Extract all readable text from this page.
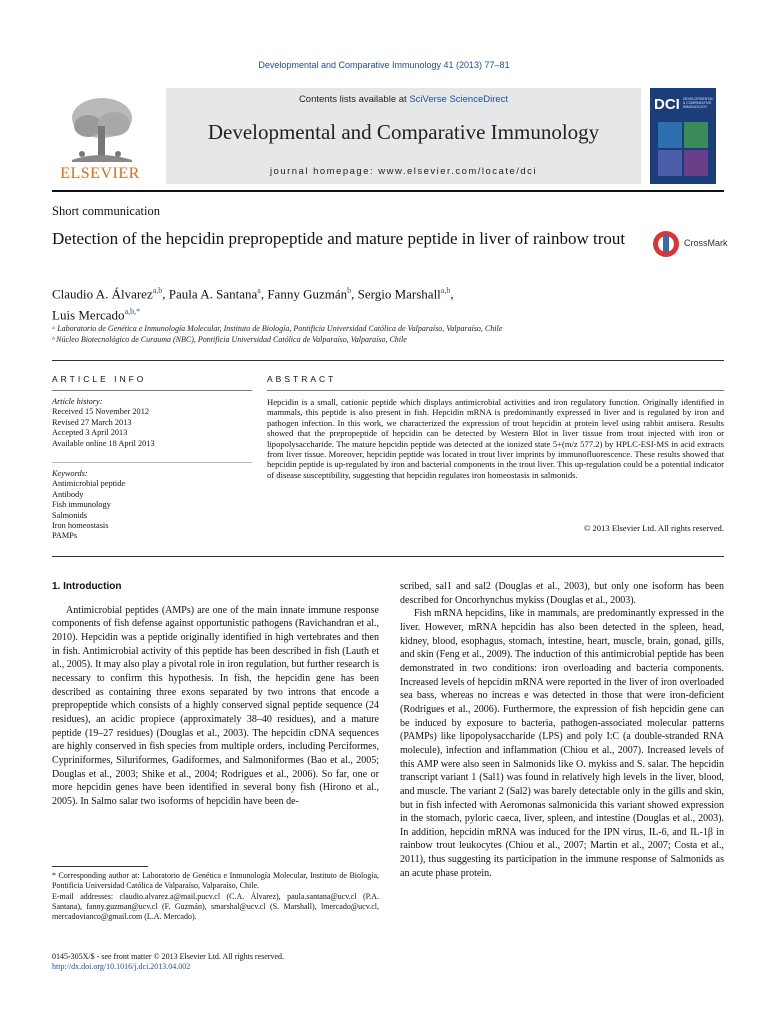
Developmental and Comparative Immunology 41 (2013) 77–81
Contents lists available at SciVerse ScienceDirect
Developmental and Comparative Immunology
journal homepage: www.elsevier.com/locate/dci
ELSEVIER
DCI DEVELOPMENTAL & COMPARATIVE IMMUNOLOGY
Short communication
Detection of the hepcidin prepropeptide and mature peptide in liver of rainbow trout	CrossMark
Claudio A. Álvarez$^{a,b}$, Paula A. Santana$^a$, Fanny Guzmán$^b$, Sergio Marshall$^{a,b}$,
Luis Mercado$^{a,b,*}$
ᵃ Laboratorio de Genética e Inmunología Molecular, Instituto de Biología, Pontificia Universidad Católica de Valparaíso, Valparaíso, Chile
ᵇ Núcleo Biotecnológico de Curauma (NBC), Pontificia Universidad Católica de Valparaíso, Valparaíso, Chile
ARTICLE INFO	ABSTRACT
Article history:
Received 15 November 2012
Revised 27 March 2013
Accepted 3 April 2013
Available online 18 April 2013
Keywords:
Antimicrobial peptide
Antibody
Fish immunology
Salmonids
Iron homeostasis
PAMPs
Hepcidin is a small, cationic peptide which displays antimicrobial activities and iron regulatory function. Originally identified in mammals, this peptide is also present in fish. Hepcidin mRNA is predominantly expressed in liver and is regulated by iron and pathogen infection. In this work, we characterized the expression of trout hepcidin at protein level using rabbit antisera. Results showed that the prepropeptide of hepcidin can be detected by Western Blot in liver tissue from trout injected with iron or lipopolysaccharide. The mature hepcidin peptide was detected at the ionized state 5+(m/z 577.2) by HPLC-ESI-MS in acid extracts from liver tissue. Moreover, hepcidin peptide was located in trout liver imprints by immunofluorescence. These results showed that hepcidin peptide is up-regulated by iron and bacterial components in the trout liver. This up-regulation could be a potential indicator of disease susceptibility, suggesting that hepcidin regulates iron homeostasis in salmonids.
© 2013 Elsevier Ltd. All rights reserved.
1. Introduction

Antimicrobial peptides (AMPs) are one of the main innate immune response components of fish defense against opportunistic pathogens (Ravichandran et al., 2010). Hepcidin was a peptide originally identified in high vertebrates and then in fish. Antimicrobial activity of this peptide has been described in fish (Lauth et al., 2005). It may also play a pivotal role in iron regulation, but further research is necessary to confirm this hypothesis. In fish, the hepcidin gene has been described as containing three exons separated by two introns that encode a prepropeptide which consists of a highly conserved signal peptide sequence (24 residues), an acidic propiece (approximately 38–40 residues), and a mature peptide (19–27 residues) (Douglas et al., 2003). The hepcidin cDNA sequences are highly conserved in fish species from multiple orders, including Perciformes, Cypriniformes, Siluriformes, Gadiformes, and Salmoniformes (Bao et al., 2005; Douglas et al., 2003; Shike et al., 2004; Rodrigues et al., 2006). So far, one or more hepcidin genes have been identified in several bony fish (Hirono et al., 2005). In Salmo salar two isoforms of hepcidin have been de-

scribed, sal1 and sal2 (Douglas et al., 2003), but only one isoform has been described for Oncorhynchus mykiss (Douglas et al., 2003).

Fish mRNA hepcidins, like in mammals, are predominantly expressed in the liver. However, mRNA hepcidin has also been detected in the spleen, head, kidney, blood, esophagus, stomach, intestine, heart, muscle, brain, gonad, gills, and skin (Feng et al., 2009). The induction of this antimicrobial peptide has been demonstrated in two conditions: iron overloading and bacteria components. Increased levels of hepcidin mRNA were reported in the liver of iron overloaded sea bass, whereas no increas e was detected in those that were iron-deficient (Rodrigues et al., 2006). Furthermore, the expression of fish hepcidin gene can be induced by exposure to bacteria, pathogen-associated molecular patterns (PAMPs) like lipopolysaccharide (LPS) and poly I:C (a double-stranded RNA molecule), infection and inflammation (Chiou et al., 2007). Increased levels of this AMP were also seen in Salmonids like O. mykiss and S. salar. The hepcidin transcript variant 1 (Sal1) was found in relatively high levels in the liver, blood, and muscle. The variant 2 (Sal2) was barely detectable only in the gills and skin, but in fish infected with Aeromonas salmonicida this variant showed expression in the stomach, pyloric caeca, liver, spleen, and intestine (Douglas et al., 2003). In addition, hepcidin mRNA was induced for the IPN virus, IL-6, and IL-1β in rainbow trout leukocytes (Chiou et al., 2007; Martin et al., 2007; Costa et al., 2011), thus suggesting its participation in the immune response of Salmonids as an acute phase protein.

* Corresponding author at: Laboratorio de Genética e Inmunología Molecular, Instituto de Biología, Pontificia Universidad Católica de Valparaíso, Valparaíso, Chile.
E-mail addresses: claudio.alvarez.a@mail.pucv.cl (C.A. Álvarez), paula.santana@ucv.cl (P.A. Santana), fanny.guzman@ucv.cl (F. Guzmán), smarshal@ucv.cl (S. Marshall), lmercado@ucv.cl, mercadovianco@gmail.com (L.A. Mercado).
0145-305X/$ - see front matter © 2013 Elsevier Ltd. All rights reserved.
http://dx.doi.org/10.1016/j.dci.2013.04.002
